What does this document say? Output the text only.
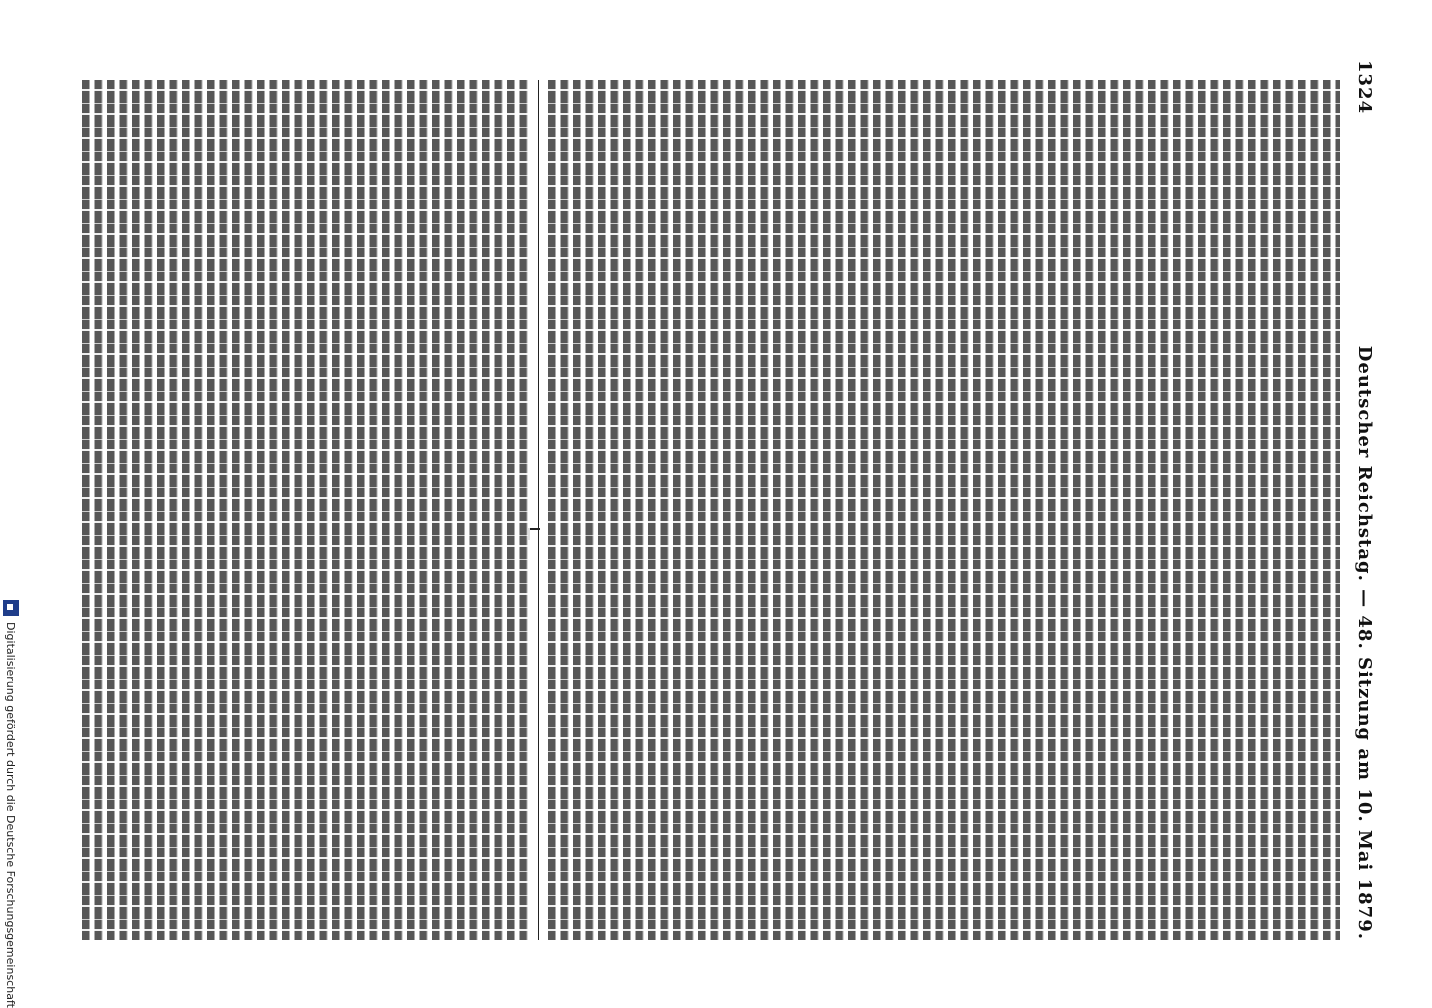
1324
Deutscher Reichstag. — 48. Sitzung am 10. Mai 1879.
Digitalisierung gefördert durch die Deutsche Forschungsgemeinschaft
